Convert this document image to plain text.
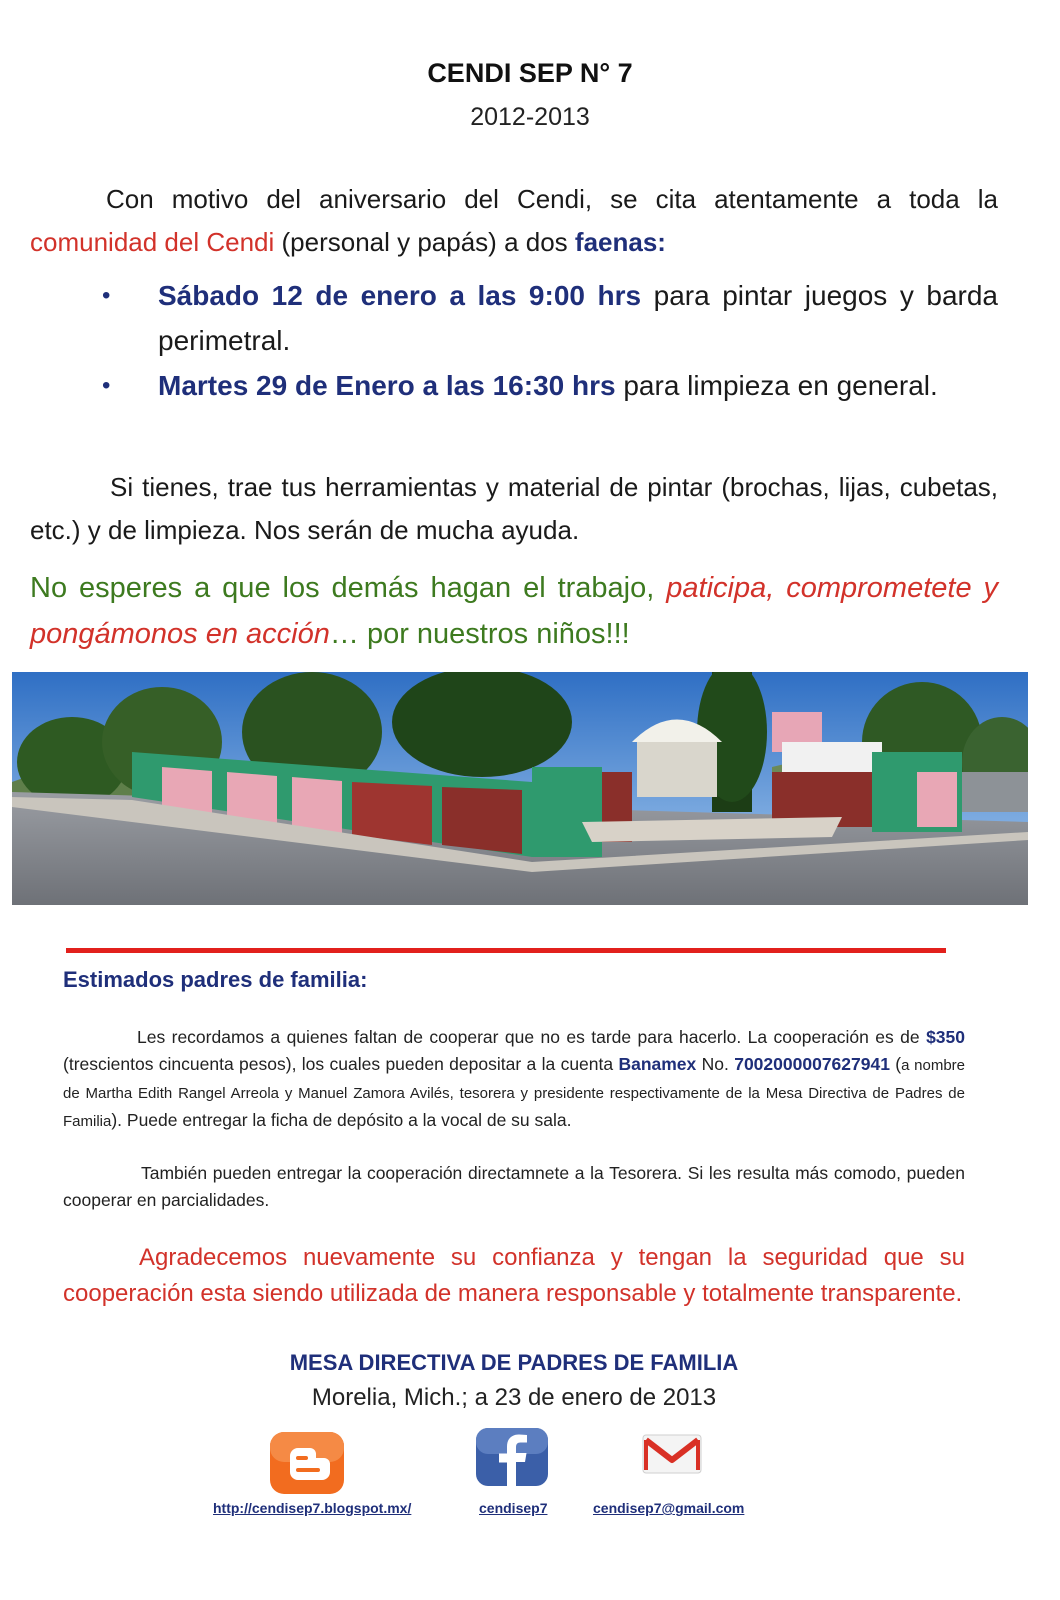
CENDI SEP N° 7
2012-2013
Con motivo del aniversario del Cendi, se cita atentamente a toda la comunidad del Cendi (personal y papás) a dos faenas:
• Sábado 12 de enero a las 9:00 hrs para pintar juegos y barda perimetral.
• Martes 29 de Enero a las 16:30 hrs para limpieza en general.
Si tienes, trae tus herramientas y material de pintar (brochas, lijas, cubetas, etc.) y de limpieza. Nos serán de mucha ayuda.
No esperes a que los demás hagan el trabajo, paticipa, comprometete y pongámonos en acción… por nuestros niños!!!
Estimados padres de familia:
Les recordamos a quienes faltan de cooperar que no es tarde para hacerlo. La cooperación es de $350 (trescientos cincuenta pesos), los cuales pueden depositar a la cuenta Banamex No. 7002000007627941 (a nombre de Martha Edith Rangel Arreola y Manuel Zamora Avilés, tesorera y presidente respectivamente de la Mesa Directiva de Padres de Familia). Puede entregar la ficha de depósito a la vocal de su sala.
También pueden entregar la cooperación directamnete a la Tesorera. Si les resulta más comodo, pueden cooperar en parcialidades.
Agradecemos nuevamente su confianza y tengan la seguridad que su cooperación esta siendo utilizada de manera responsable y totalmente transparente.
MESA DIRECTIVA DE PADRES DE FAMILIA
Morelia, Mich.; a 23 de enero de 2013
http://cendisep7.blogspot.mx/	cendisep7	cendisep7@gmail.com
